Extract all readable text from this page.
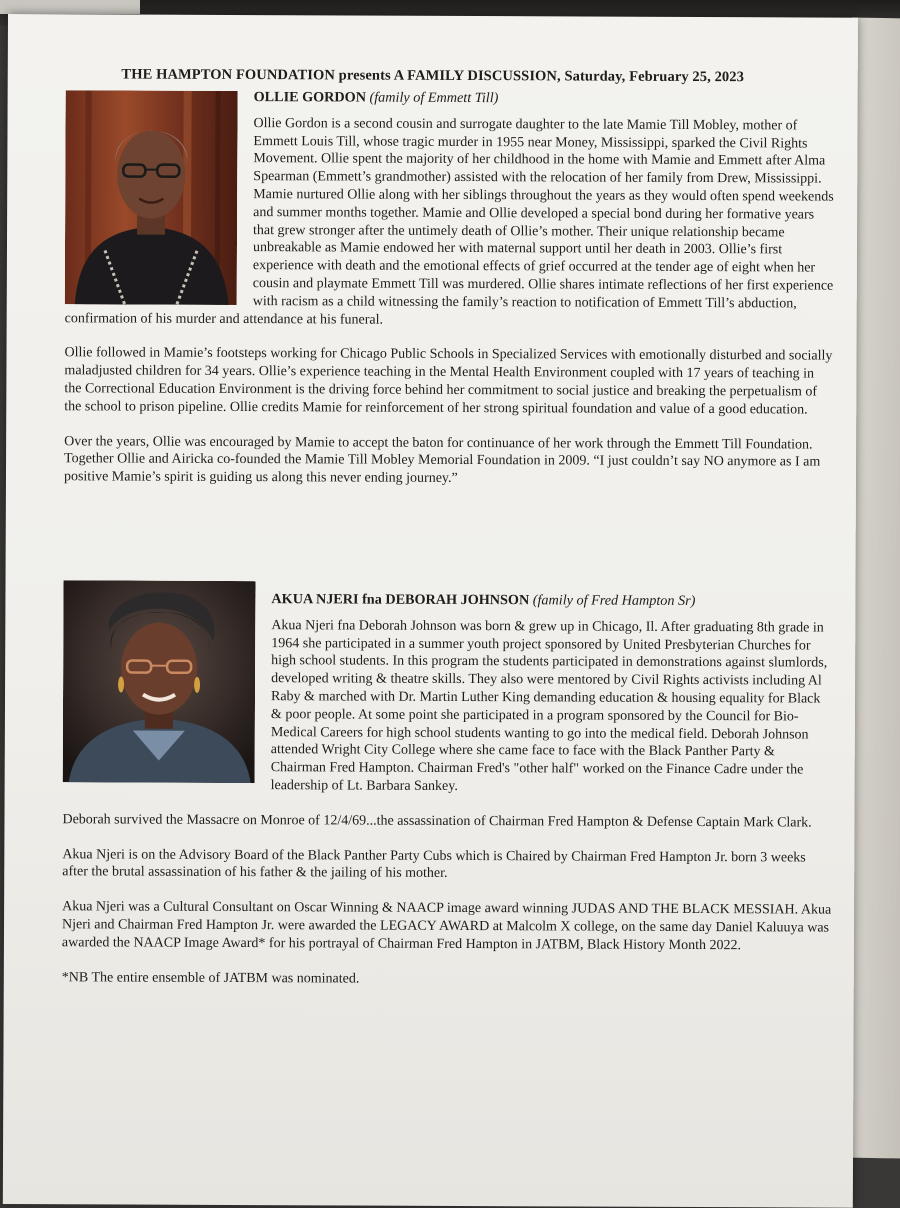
THE HAMPTON FOUNDATION presents A FAMILY DISCUSSION, Saturday, February 25, 2023
OLLIE GORDON (family of Emmett Till)

Ollie Gordon is a second cousin and surrogate daughter to the late Mamie Till Mobley, mother of Emmett Louis Till, whose tragic murder in 1955 near Money, Mississippi, sparked the Civil Rights Movement. Ollie spent the majority of her childhood in the home with Mamie and Emmett after Alma Spearman (Emmett’s grandmother) assisted with the relocation of her family from Drew, Mississippi. Mamie nurtured Ollie along with her siblings throughout the years as they would often spend weekends and summer months together. Mamie and Ollie developed a special bond during her formative years that grew stronger after the untimely death of Ollie’s mother. Their unique relationship became unbreakable as Mamie endowed her with maternal support until her death in 2003. Ollie’s first experience with death and the emotional effects of grief occurred at the tender age of eight when her cousin and playmate Emmett Till was murdered. Ollie shares intimate reflections of her first experience with racism as a child witnessing the family’s reaction to notification of Emmett Till’s abduction, confirmation of his murder and attendance at his funeral.

Ollie followed in Mamie’s footsteps working for Chicago Public Schools in Specialized Services with emotionally disturbed and socially maladjusted children for 34 years. Ollie’s experience teaching in the Mental Health Environment coupled with 17 years of teaching in the Correctional Education Environment is the driving force behind her commitment to social justice and breaking the perpetualism of the school to prison pipeline. Ollie credits Mamie for reinforcement of her strong spiritual foundation and value of a good education.

Over the years, Ollie was encouraged by Mamie to accept the baton for continuance of her work through the Emmett Till Foundation. Together Ollie and Airicka co-founded the Mamie Till Mobley Memorial Foundation in 2009. “I just couldn’t say NO anymore as I am positive Mamie’s spirit is guiding us along this never ending journey.”

AKUA NJERI fna DEBORAH JOHNSON (family of Fred Hampton Sr)

Akua Njeri fna Deborah Johnson was born & grew up in Chicago, Il. After graduating 8th grade in 1964 she participated in a summer youth project sponsored by United Presbyterian Churches for high school students. In this program the students participated in demonstrations against slumlords, developed writing & theatre skills. They also were mentored by Civil Rights activists including Al Raby & marched with Dr. Martin Luther King demanding education & housing equality for Black & poor people. At some point she participated in a program sponsored by the Council for Bio-Medical Careers for high school students wanting to go into the medical field. Deborah Johnson attended Wright City College where she came face to face with the Black Panther Party & Chairman Fred Hampton. Chairman Fred's "other half" worked on the Finance Cadre under the leadership of Lt. Barbara Sankey.

Deborah survived the Massacre on Monroe of 12/4/69...the assassination of Chairman Fred Hampton & Defense Captain Mark Clark.

Akua Njeri is on the Advisory Board of the Black Panther Party Cubs which is Chaired by Chairman Fred Hampton Jr. born 3 weeks after the brutal assassination of his father & the jailing of his mother.

Akua Njeri was a Cultural Consultant on Oscar Winning & NAACP image award winning JUDAS AND THE BLACK MESSIAH. Akua Njeri and Chairman Fred Hampton Jr. were awarded the LEGACY AWARD at Malcolm X college, on the same day Daniel Kaluuya was awarded the NAACP Image Award* for his portrayal of Chairman Fred Hampton in JATBM, Black History Month 2022.

*NB The entire ensemble of JATBM was nominated.
